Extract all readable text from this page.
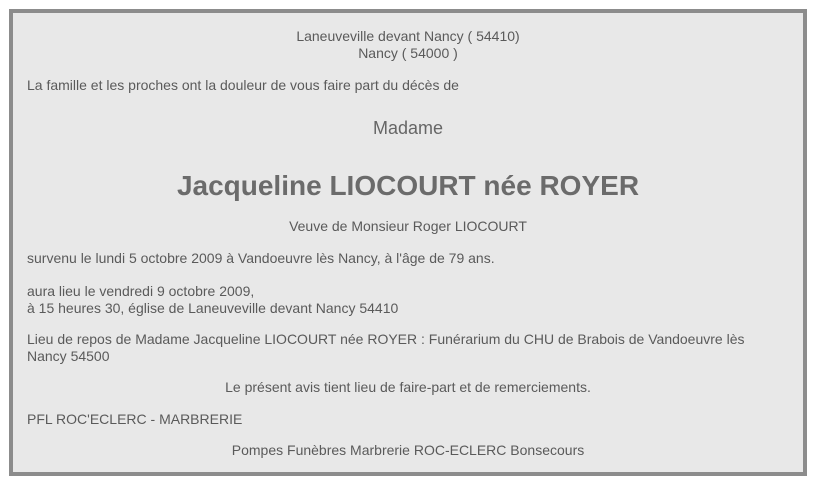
Laneuveville devant Nancy ( 54410)
Nancy ( 54000 )
La famille et les proches ont la douleur de vous faire part du décès de
Madame
Jacqueline LIOCOURT née ROYER
Veuve de Monsieur Roger LIOCOURT
survenu le lundi 5 octobre 2009 à Vandoeuvre lès Nancy, à l'âge de 79 ans.
aura lieu le vendredi 9 octobre 2009,
à 15 heures 30, église de Laneuveville devant Nancy 54410
Lieu de repos de Madame Jacqueline LIOCOURT née ROYER : Funérarium du CHU de Brabois de Vandoeuvre lès Nancy 54500
Le présent avis tient lieu de faire-part et de remerciements.
PFL ROC'ECLERC - MARBRERIE
Pompes Funèbres Marbrerie ROC-ECLERC Bonsecours
